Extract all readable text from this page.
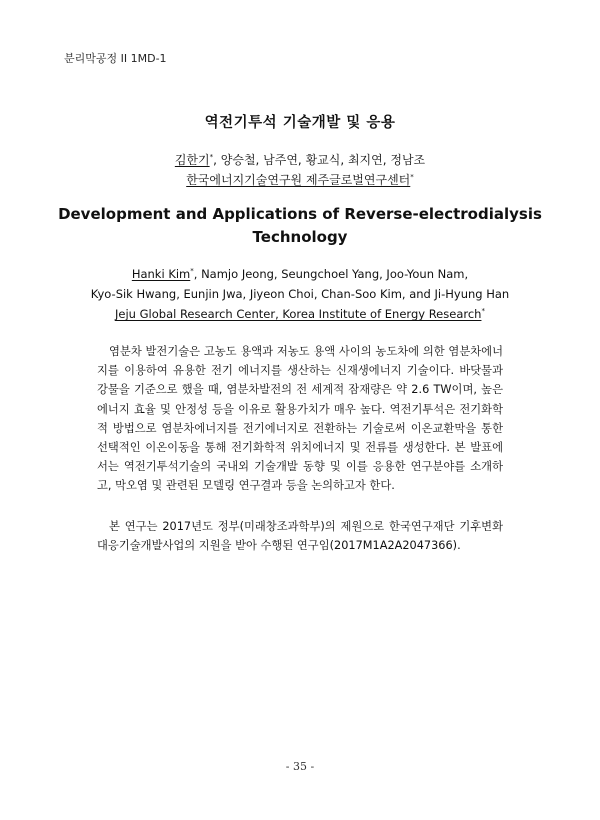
분리막공정 II 1MD-1
역전기투석 기술개발 및 응용
김한기*, 양승철, 남주연, 황교식, 최지연, 정남조
한국에너지기술연구원 제주글로벌연구센터*
Development and Applications of Reverse-electrodialysis
Technology
Hanki Kim*, Namjo Jeong, Seungchoel Yang, Joo-Youn Nam,
Kyo-Sik Hwang, Eunjin Jwa, Jiyeon Choi, Chan-Soo Kim, and Ji-Hyung Han
Jeju Global Research Center, Korea Institute of Energy Research*

염분차 발전기술은 고농도 용액과 저농도 용액 사이의 농도차에 의한 염분차에너지를 이용하여 유용한 전기 에너지를 생산하는 신재생에너지 기술이다. 바닷물과 강물을 기준으로 했을 때, 염분차발전의 전 세계적 잠재량은 약 2.6 TW이며, 높은 에너지 효율 및 안정성 등을 이유로 활용가치가 매우 높다. 역전기투석은 전기화학적 방법으로 염분차에너지를 전기에너지로 전환하는 기술로써 이온교환막을 통한 선택적인 이온이동을 통해 전기화학적 위치에너지 및 전류를 생성한다. 본 발표에서는 역전기투석기술의 국내외 기술개발 동향 및 이를 응용한 연구분야를 소개하고, 막오염 및 관련된 모델링 연구결과 등을 논의하고자 한다.

본 연구는 2017년도 정부(미래창조과학부)의 제원으로 한국연구재단 기후변화대응기술개발사업의 지원을 받아 수행된 연구임(2017M1A2A2047366).

- 35 -
